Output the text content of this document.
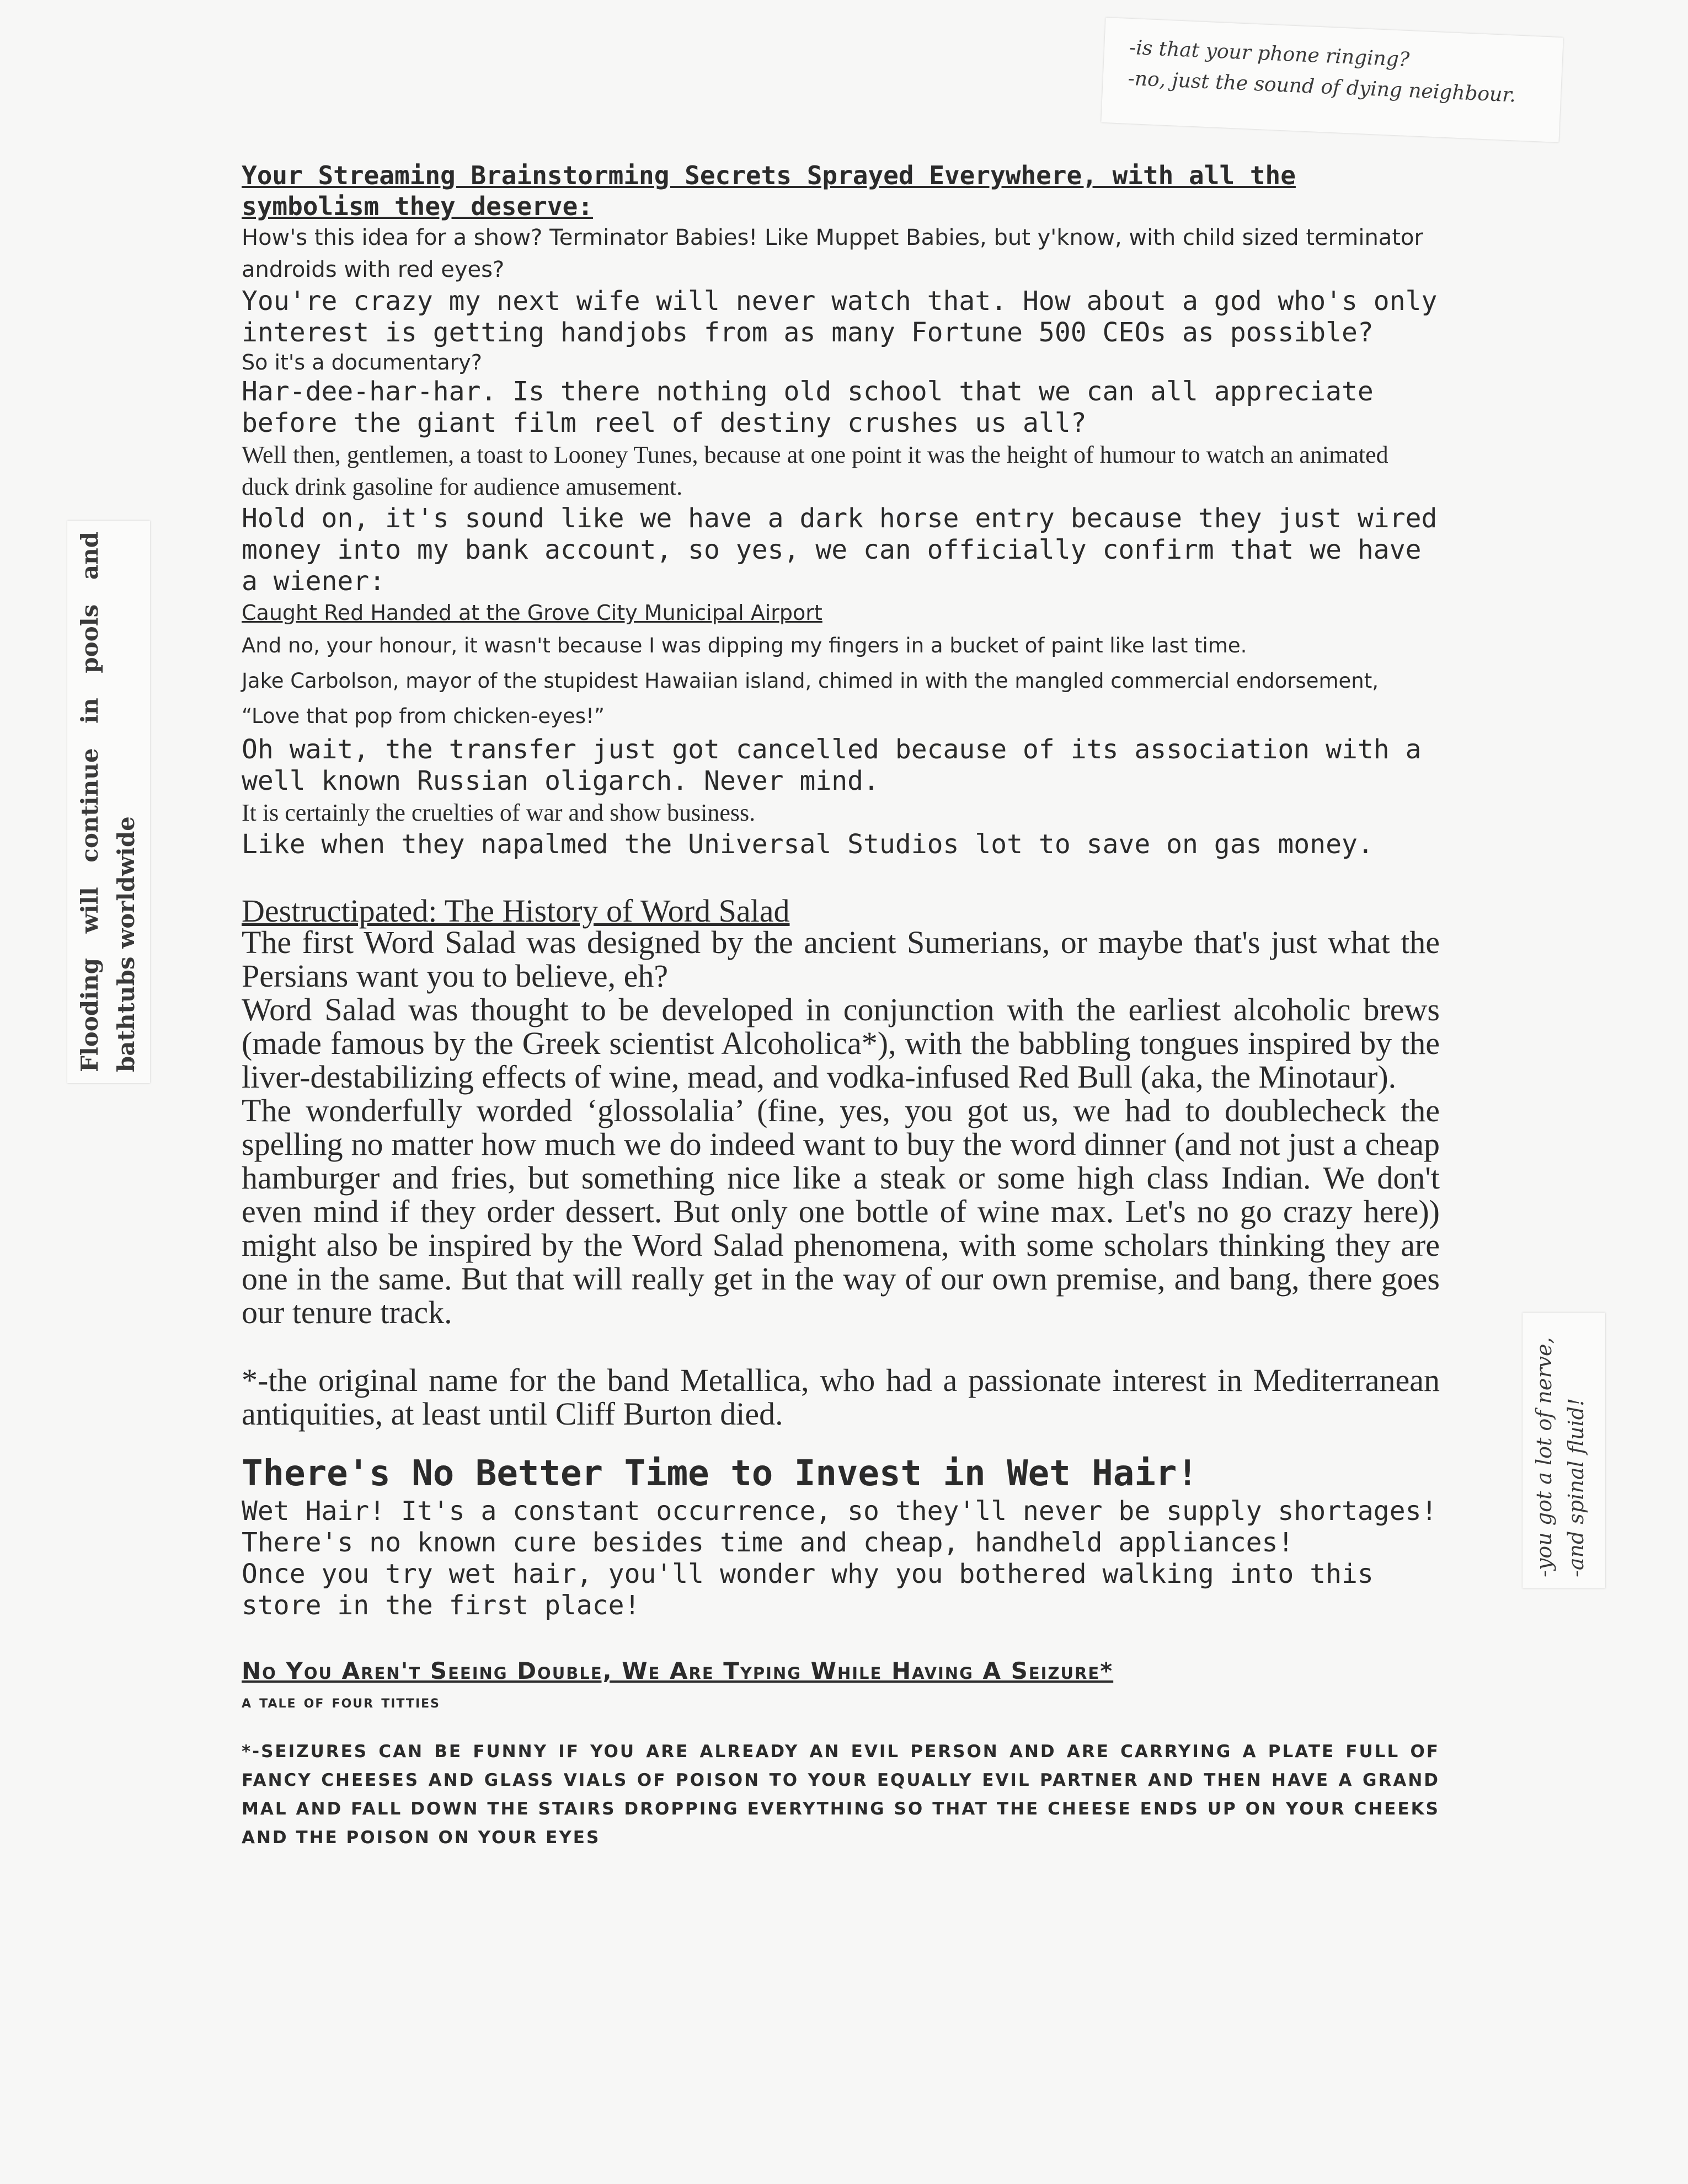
-is that your phone ringing?
-no, just the sound of dying neighbour.
Flooding will continue in pools and bathtubs worldwide
-you got a lot of nerve, -and spinal fluid!
Your Streaming Brainstorming Secrets Sprayed Everywhere, with all the symbolism they deserve:

How's this idea for a show? Terminator Babies! Like Muppet Babies, but y'know, with child sized terminator androids with red eyes?

You're crazy my next wife will never watch that. How about a god who's only interest is getting handjobs from as many Fortune 500 CEOs as possible?

So it's a documentary?

Har-dee-har-har. Is there nothing old school that we can all appreciate before the giant film reel of destiny crushes us all?

Well then, gentlemen, a toast to Looney Tunes, because at one point it was the height of humour to watch an animated duck drink gasoline for audience amusement.

Hold on, it's sound like we have a dark horse entry because they just wired money into my bank account, so yes, we can officially confirm that we have a wiener:

Caught Red Handed at the Grove City Municipal Airport

And no, your honour, it wasn't because I was dipping my fingers in a bucket of paint like last time.

Jake Carbolson, mayor of the stupidest Hawaiian island, chimed in with the mangled commercial endorsement, “Love that pop from chicken-eyes!”

Oh wait, the transfer just got cancelled because of its association with a well known Russian oligarch. Never mind.

It is certainly the cruelties of war and show business.

Like when they napalmed the Universal Studios lot to save on gas money.

Destructipated: The History of Word Salad

The first Word Salad was designed by the ancient Sumerians, or maybe that's just what the Persians want you to believe, eh?

Word Salad was thought to be developed in conjunction with the earliest alcoholic brews (made famous by the Greek scientist Alcoholica*), with the babbling tongues inspired by the liver-destabilizing effects of wine, mead, and vodka-infused Red Bull (aka, the Minotaur).

The wonderfully worded ‘glossolalia’ (fine, yes, you got us, we had to doublecheck the spelling no matter how much we do indeed want to buy the word dinner (and not just a cheap hamburger and fries, but something nice like a steak or some high class Indian. We don't even mind if they order dessert. But only one bottle of wine max. Let's no go crazy here)) might also be inspired by the Word Salad phenomena, with some scholars thinking they are one in the same. But that will really get in the way of our own premise, and bang, there goes our tenure track.

*-the original name for the band Metallica, who had a passionate interest in Mediterranean antiquities, at least until Cliff Burton died.

There's No Better Time to Invest in Wet Hair!

Wet Hair! It's a constant occurrence, so they'll never be supply shortages!

There's no known cure besides time and cheap, handheld appliances!

Once you try wet hair, you'll wonder why you bothered walking into this store in the first place!

No You Aren't Seeing Double, We Are Typing While Having A Seizure*
a tale of four titties
*-SEIZURES CAN BE FUNNY IF YOU ARE ALREADY AN EVIL PERSON AND ARE CARRYING A PLATE FULL OF FANCY CHEESES AND GLASS VIALS OF POISON TO YOUR EQUALLY EVIL PARTNER AND THEN HAVE A GRAND MAL AND FALL DOWN THE STAIRS DROPPING EVERYTHING SO THAT THE CHEESE ENDS UP ON YOUR CHEEKS AND THE POISON ON YOUR EYES
